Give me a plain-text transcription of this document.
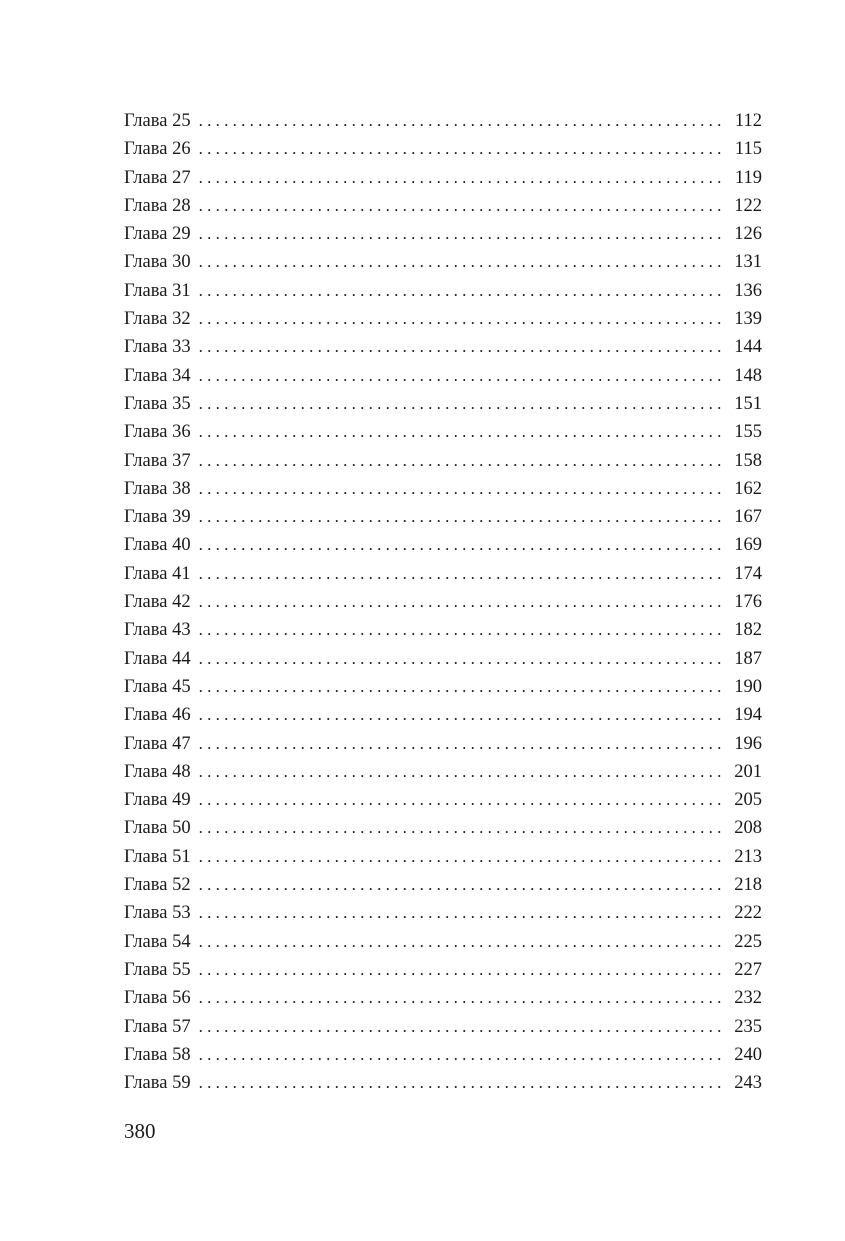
Глава 25 . . .	112
Глава 26 . . .	115
Глава 27 . . .	119
Глава 28 . . .	122
Глава 29 . . .	126
Глава 30 . . .	131
Глава 31 . . .	136
Глава 32 . . .	139
Глава 33 . . .	144
Глава 34 . . .	148
Глава 35 . . .	151
Глава 36 . . .	155
Глава 37 . . .	158
Глава 38 . . .	162
Глава 39 . . .	167
Глава 40 . . .	169
Глава 41 . . .	174
Глава 42 . . .	176
Глава 43 . . .	182
Глава 44 . . .	187
Глава 45 . . .	190
Глава 46 . . .	194
Глава 47 . . .	196
Глава 48 . . .	201
Глава 49 . . .	205
Глава 50 . . .	208
Глава 51 . . .	213
Глава 52 . . .	218
Глава 53 . . .	222
Глава 54 . . .	225
Глава 55 . . .	227
Глава 56 . . .	232
Глава 57 . . .	235
Глава 58 . . .	240
Глава 59 . . .	243
380
